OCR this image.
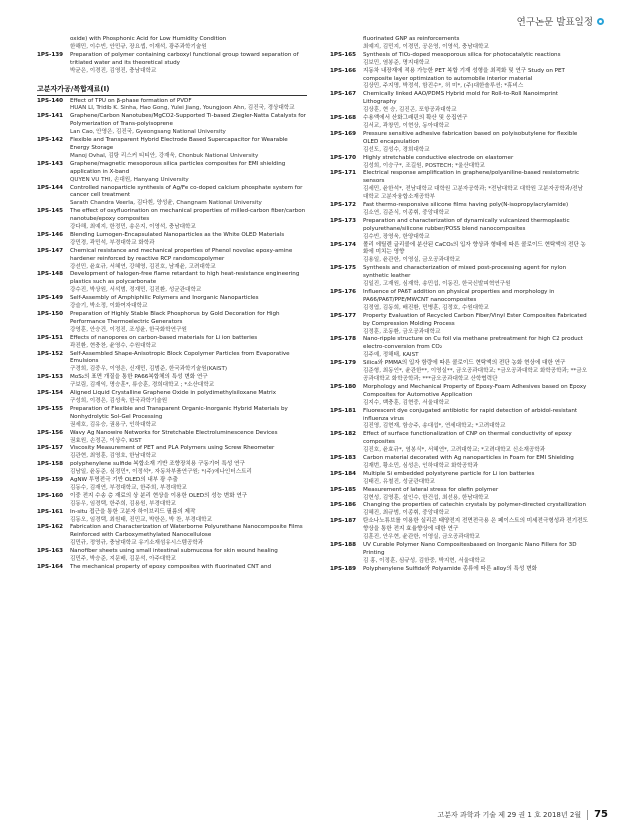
연구논문 발표일정
oxide) with Phosphonic Acid for Low Humidity Condition
한해민, 이수빈, 안민규, 장요셉, 이재석, 광주과학기술원
1PS-139 Preparation of polymer containing carboxyl functional group toward separation of tritiated water and its theoretical study
박균은, 이경진, 김영진, 충남대학교
고분자가공/복합재료(I)
1PS-140 Effect of TPU on β-phase formation of PVDF
HUAN LI, Tridib K. Sinha, Hao Gong, Yulei Jiang, Youngjoon Ahn, 김진국, 경상대학교
1PS-141 Graphene/Carbon Nanotubes/MgCO2-Supported Ti-based Ziegler-Natta Catalysts for Polymerization of Trans-polyisoprene
Lan Cao, 안영은, 김진국, Gyeongsang National University
1PS-142 Flexible and Transparent Hybrid Electrode Based Supercapacitor for Wearable Energy Storage
Manoj Ovhal, 김탕 리스커 티티안, 강재욱, Chonbuk National University
1PS-143 Graphene/magnetic mesoporous silica particles composites for EMI shielding application in X-band
QUYEN VU THI, 손대원, Hanyang University
1PS-144 Controlled nanoparticle synthesis of Ag/Fe co-doped calcium phosphate system for cancer cell treatment
Sarath Chandra Veerla, 김다흰, 양성윤, Changnam National University
1PS-145 The effect of oxyfluorination on mechanical properties of milled-carbon fiber/carbon nanotube/epoxy composites
강다해, 최예지, 한정민, 송은지, 이영석, 충남대학교
1PS-146 Blending Lumogen-Encapsulated Nanoparticles as the White OLED Materials
강민경, 곽민석, 부경대학교 화학과
1PS-147 Chemical resistance and mechanical properties of Phenol novolac epoxy-amine hardener reinforced by reactive RCP randomcopolymer
강선민, 윤효규, 서혜연, 강혜영, 김진호, 남재윤, 고려대학교
1PS-148 Development of halogen-free flame retardant to high heat-resistance engineering plastics such as polycarbonate
강수진, 박상원, 서석범, 정재민, 김진환, 성균관대학교
1PS-149 Self-Assembly of Amphiphilic Polymers and Inorganic Nanoparticles
강슬기, 박소정, 이화여자대학교
1PS-150 Preparation of Highly Stable Black Phosphorus by Gold Decoration for High Performance Thermoelectric Generators
강영훈, 안승건, 이정진, 조성윤, 한국화학연구원
1PS-151 Effects of nanopores on carbon-based materials for Li ion batteries
곽진환, 현충찬, 윤영수, 수원대학교
1PS-152 Self-Assembled Shape-Anisotropic Block Copolymer Particles from Evaporative Emulsions
구경희, 김중우, 이영은, 신재민, 김범준, 한국과학기술원(KAIST)
1PS-153 MoS₂의 표면 개질을 통한 PA66복합체의 특성 변화 연구
구보림, 김재익, 명승훈*, 류승훈, 경희대학교 ; *소산대학교
1PS-154 Aligned Liquid Crystalline Graphene Oxide in polydimethylsiloxane Matrix
구성희, 이경은, 김성욱, 한국과학기술원
1PS-155 Preparation of Flexible and Transparent Organic-Inorganic Hybrid Materials by Nonhydrolytic Sol-Gel Processing
권세호, 김유승, 권용구, 인하대학교
1PS-156 Wavy Ag Nanowire Networks for Stretchable Electroluminescence Devices
권효원, 손정곤, 이상수, KIST
1PS-157 Viscosity Measurement of PET and PLA Polymers using Screw Rheometer
김관현, 최영훈, 김영호, 한남대학교
1PS-158 polyphenylene sulfide 복합소재 기반 조향장치용 구동기어 특성 연구
김남일, 윤동준, 심정민*, 이정석*, 자동차부품연구원; *(주)에나인터스트리
1PS-159 AgNW 투명전극 기반 OLED의 내부 광 추출
김동수, 김재연, 부경대학교, 한주희, 부경대학교
1PS-160 이중 전지 수송 층 재료의 상 분리 현상을 이용한 OLED의 성능 변화 연구
김동우, 임경택, 한주희, 김용원, 부경대학교
1PS-161 In-situ 접근을 통한 고분자 하이브리드 필름의 제작
김동오, 임경택, 최원태, 진민교, 박한은, 박 찬, 부경대학교
1PS-162 Fabrication and Characterization of Waterborne Polyurethane Nanocomposite Films Reinforced with Carboxymethylated Nanocellulose
김민규, 정영규, 충남대학교 유기소재섬유시스템공학과
1PS-163 Nanofiber sheets using small intestinal submucosa for skin wound healing
김민주, 박승준, 지문배, 김문석, 아주대학교
1PS-164 The mechanical property of epoxy composites with fluorinated CNT and
fluorinated GNP as reinforcements
최예지, 김민지, 이경민, 공은영, 이영석, 충남대학교
1PS-165 Synthesis of TiO₂-doped mesoporous silica for photocatalytic reactions
김보민, 염봉준, 명지대학교
1PS-166 지동차 내장재에 적용 가능한 PET 복합 기재 성형을 최적화 및 연구 Study on PET composite layer optimization to automobile interior material
김상민, 주지명, 박정석, 함진수*, 허 미*, (주)대한솔루션; *휴비스
1PS-167 Chemically linked AAO/PDMS Hybrid mold for Roll-to-Roll Nanoimprint Lithography
김상훈, 현 승, 김진곤, 포항공과대학교
1PS-168 수용액에서 산화그래핀의 확산 및 응집연구
김서교, 곽창민, 이현상, 동아대학교
1PS-169 Pressure sensitive adhesive fabrication based on polyisobutylene for flexible OLED encapsulation
김선도, 김성수, 경희대학교
1PS-170 Highly stretchable conductive electrode on elastomer
김성희, 이승구*, 조길원, POSTECH; *울산대학교
1PS-171 Electrical response amplification in graphene/polyaniline-based resistometric sensors
김세민, 윤한석*, 전남대학교 대학원 고분자공학과; *전남대학교 대학원 고분자공학과/전남대학교 고분자융합소재공학부
1PS-172 Fast thermo-responsive silicone films having poly(N-isopropylacrylamide)
김소연, 김준식, 이종휘, 중앙대학교
1PS-173 Preparation and characterization of dynamically vulcanized thermoplastic polyurethane/silicone rubber/POSS blend nanocomposites
김수빈, 장영욱, 한양대학교
1PS-174 폴리 에틸렌 글리콜에 분산된 CaCO₃의 입자 향상과 형태에 따른 콜로이드 현탁액의 전단 농화에 미치는 영향
김용일, 윤관한, 이영실, 금오공과대학교
1PS-175 Synthesis and characterization of mixed post-processing agent for nylon synthetic leather
김일진, 고재원, 심재학, 송민섭, 이동진, 한국신발피혁연구원
1PS-176 Influence of PA6T addition on physical properties and morphology in PA66/PA6T/PPE/MWCNT nanocomposites
김정엽, 김동희, 배진환, 민병훈, 김정호, 수원대학교
1PS-177 Property Evaluation of Recycled Carbon Fiber/Vinyl Ester Composites Fabricated by Compression Molding Process
김정훈, 조동환, 금오공과대학교
1PS-178 Nano-ripple structure on Cu foil via methane pretreatment for high C2 product electro-conversion from CO₂
김주예, 정해태, KAIST
1PS-179 Silica와 PMMA의 입자 함량에 따른 콜로이드 현탁액의 전단 농화 현상에 대한 연구
김준형, 최동인*, 윤관한**, 이영실**, 금오공과대학교; *금오공과대학교 화학공학과; **금오공과대학교 화학공학과; ***금오공과대학교 산학협력단
1PS-180 Morphology and Mechanical Property of Epoxy-Foam Adhesives based on Epoxy Composites for Automotive Application
김지수, 백충훈, 김현중, 서울대학교
1PS-181 Fluorescent dye conjugated antibiotic for rapid detection of arbidol-resistant influenza virus
김진영, 김현재, 함승주, 송대섭*, 연세대학교; *고려대학교
1PS-182 Effect of surface functionalization of CNP on thermal conductivity of epoxy composites
김진호, 윤효규*, 염봉식*, 서혜연*, 고려대학교; *고려대학교 신소재공학과
1PS-183 Carbon material decorated with Ag nanoparticles in Foam for EMI Shielding
김재번, 황소민, 심성은, 인하대학교 화학공학과
1PS-184 Multiple Si embedded polystyrene particle for Li ion batteries
김태진, 유철진, 성균관대학교
1PS-185 Measurement of lateral stress for olefin polymer
김현성, 김영훈, 설인수, 한건섭, 최선용, 한남대학교
1PS-186 Changing the properties of catechin crystals by polymer-directed crystallization
김혜진, 최규범, 이종휘, 중앙대학교
1PS-187 탄소나노튜브를 이용한 실리콘 태양전지 전면전극용 은 페이스트의 미세전극형성과 전기전도향상을 통한 전지 효율향상에 대한 연구
김훈진, 안우현, 윤관한, 이영실, 금오공과대학교
1PS-188 UV Curable Polymer Nano Compositesbased on Inorganic Nano Fillers for 3D Printing
김 홍, 이정훈, 심규성, 김한중, 박지현, 서울대학교
1PS-189 Polyphenylene Sulfide와 Polyamide 종류에 따른 alloy의 특성 변화
고분자 과학과 기술 제 29 권 1 호 2018년 2월 75
